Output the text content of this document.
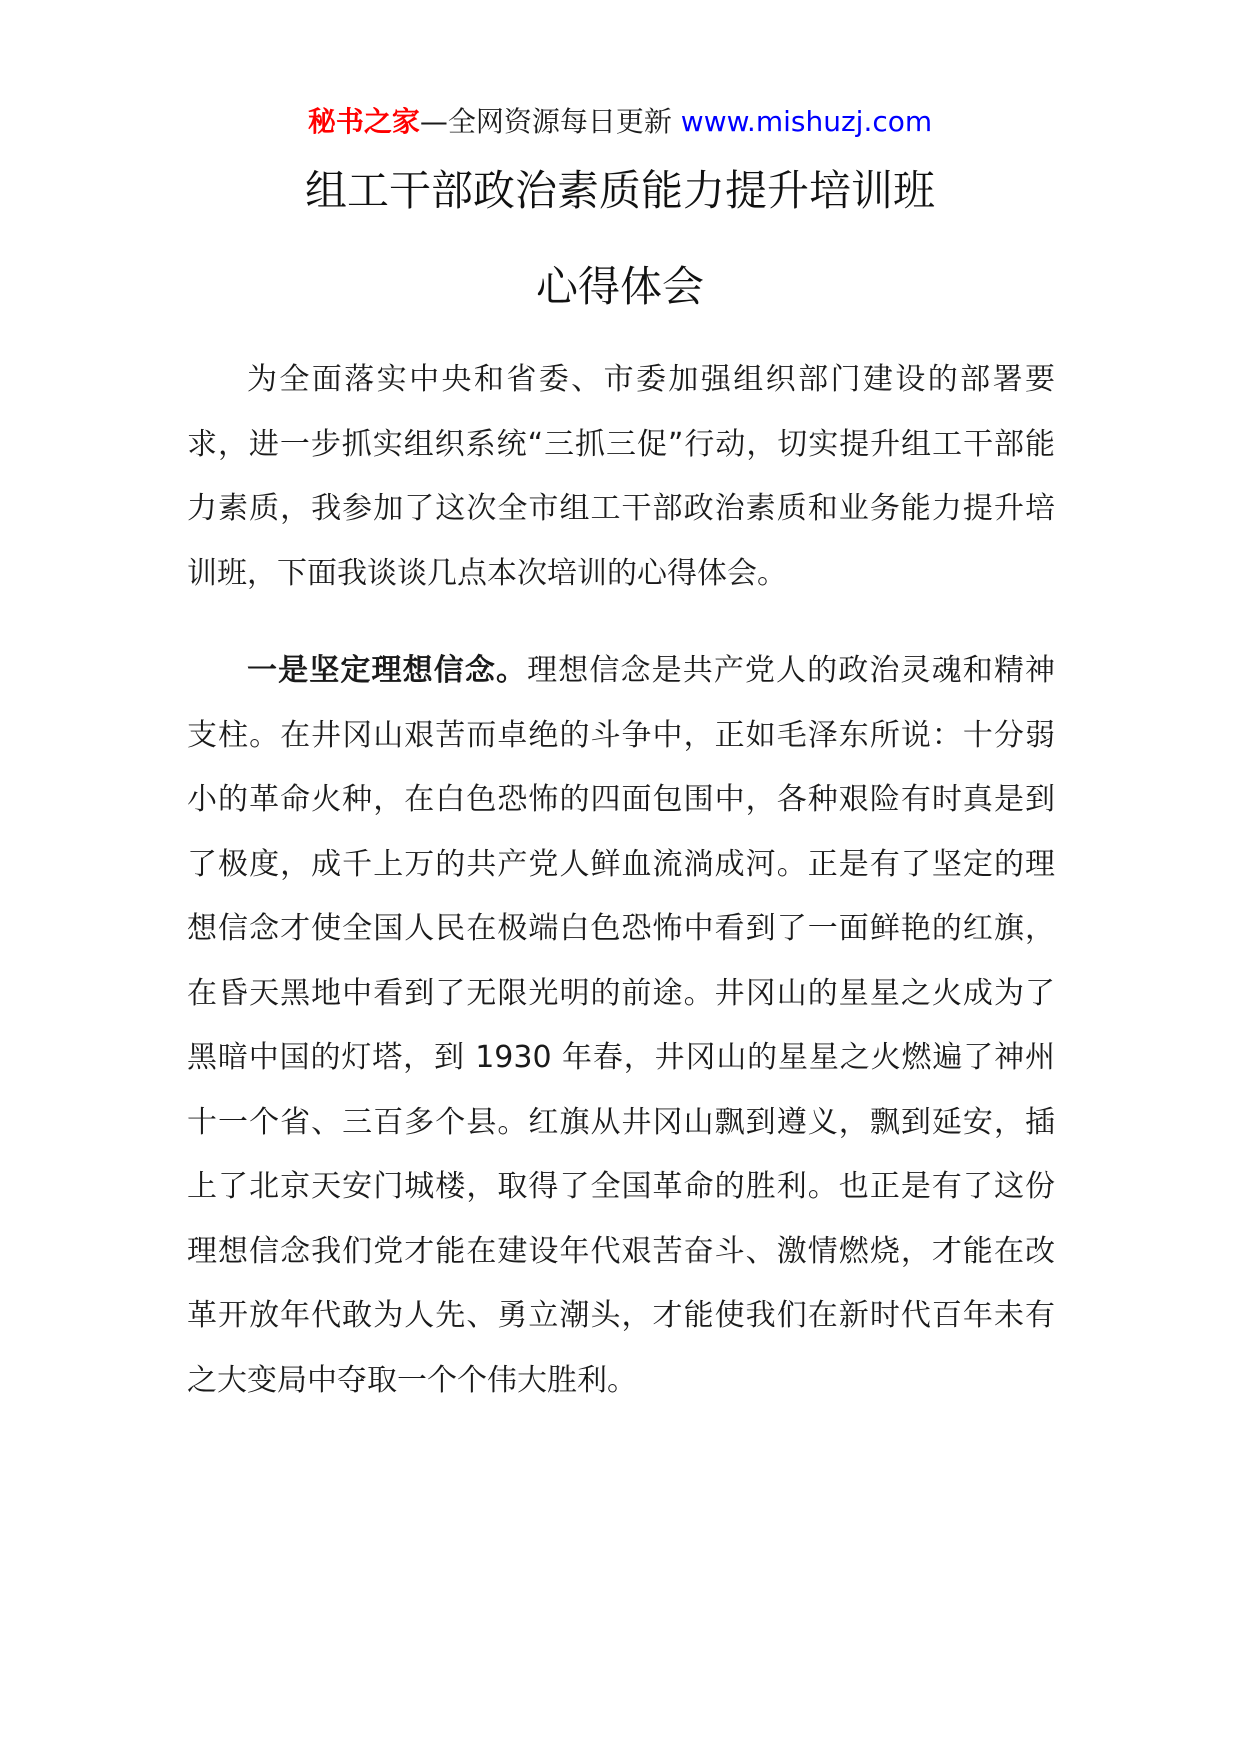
秘书之家—全网资源每日更新 www.mishuzj.com
组工干部政治素质能力提升培训班
心得体会

为全面落实中央和省委、市委加强组织部门建设的部署要求，进一步抓实组织系统“三抓三促”行动，切实提升组工干部能力素质，我参加了这次全市组工干部政治素质和业务能力提升培训班，下面我谈谈几点本次培训的心得体会。

一是坚定理想信念。理想信念是共产党人的政治灵魂和精神支柱。在井冈山艰苦而卓绝的斗争中，正如毛泽东所说：十分弱小的革命火种，在白色恐怖的四面包围中，各种艰险有时真是到了极度，成千上万的共产党人鲜血流淌成河。正是有了坚定的理想信念才使全国人民在极端白色恐怖中看到了一面鲜艳的红旗，在昏天黑地中看到了无限光明的前途。井冈山的星星之火成为了黑暗中国的灯塔，到 1930 年春，井冈山的星星之火燃遍了神州十一个省、三百多个县。红旗从井冈山飘到遵义，飘到延安，插上了北京天安门城楼，取得了全国革命的胜利。也正是有了这份理想信念我们党才能在建设年代艰苦奋斗、激情燃烧，才能在改革开放年代敢为人先、勇立潮头，才能使我们在新时代百年未有之大变局中夺取一个个伟大胜利。
